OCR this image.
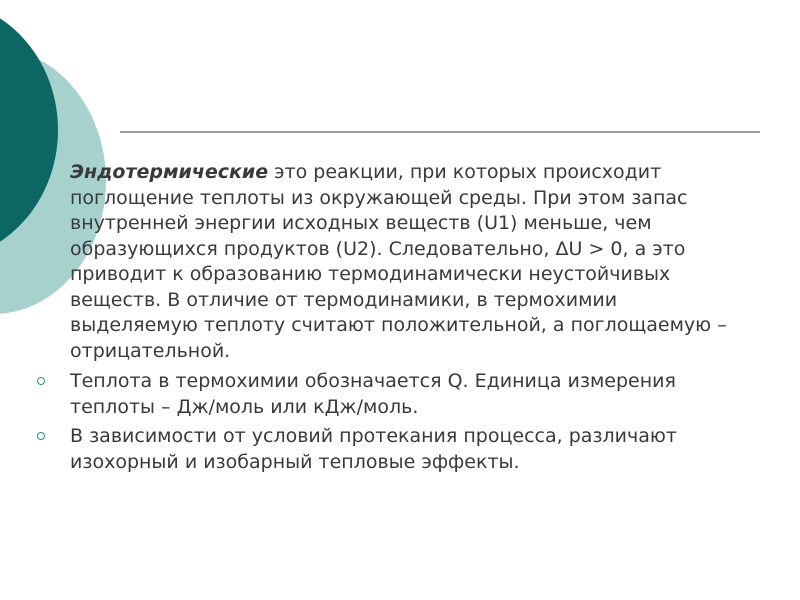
Эндотермические это реакции, при которых происходит поглощение теплоты из окружающей среды. При этом запас внутренней энергии исходных веществ (U1) меньше, чем образующихся продуктов (U2). Следовательно, ΔU > 0, а это приводит к образованию термодинамически неустойчивых веществ. В отличие от термодинамики, в термохимии выделяемую теплоту считают положительной, а поглощаемую – отрицательной.

Теплота в термохимии обозначается Q. Единица измерения теплоты – Дж/моль или кДж/моль.

В зависимости от условий протекания процесса, различают изохорный и изобарный тепловые эффекты.
